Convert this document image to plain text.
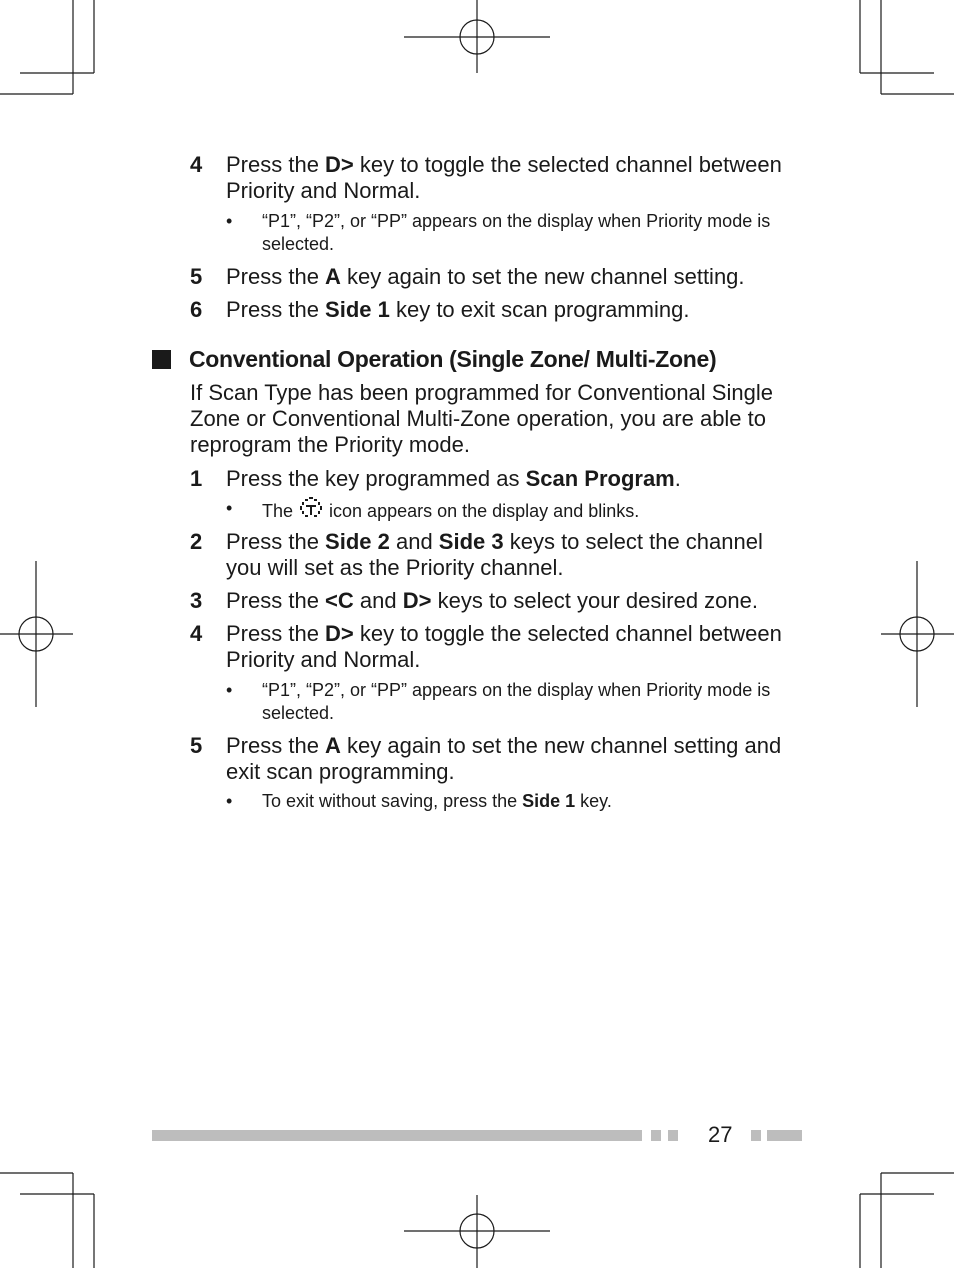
4 Press the D> key to toggle the selected channel between Priority and Normal.
• “P1”, “P2”, or “PP” appears on the display when Priority mode is selected.
5 Press the A key again to set the new channel setting.
6 Press the Side 1 key to exit scan programming.
Conventional Operation (Single Zone/ Multi-Zone)
If Scan Type has been programmed for Conventional Single Zone or Conventional Multi-Zone operation, you are able to reprogram the Priority mode.
1 Press the key programmed as Scan Program.
• The  icon appears on the display and blinks.
2 Press the Side 2 and Side 3 keys to select the channel you will set as the Priority channel.
3 Press the <C and D> keys to select your desired zone.
4 Press the D> key to toggle the selected channel between Priority and Normal.
• “P1”, “P2”, or “PP” appears on the display when Priority mode is selected.
5 Press the A key again to set the new channel setting and exit scan programming.
• To exit without saving, press the Side 1 key.
27
